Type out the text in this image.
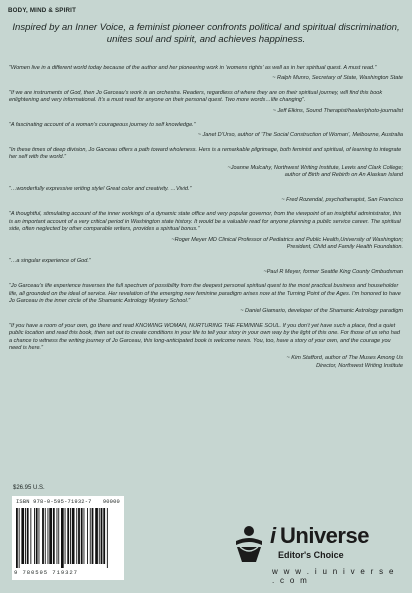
BODY, MIND & SPIRIT
Inspired by an Inner Voice, a feminist pioneer confronts political and spiritual discrimination, unites soul and spirit, and achieves happiness.

“Women live in a different world today because of the author and her pioneering work in ‘womens rights’ as well as in her spiritual quest. A must read.”

~ Ralph Munro, Secretary of State, Washington State

“If we are instruments of God, then Jo Garceau’s work is an orchestra. Readers, regardless of where they are on their spiritual journey, will find this book enlightening and very informational. It’s a must read for anyone on their personal quest. Two more words…life changing”.

~ Jeff Elkins, Sound Therapist/healer/photo-journalist

“A fascinating account of a woman’s courageous journey to self knowledge.”

~ Janet D’Urso, author of ‘The Social Construction of Woman’, Melbourne, Australia

“In these times of deep division, Jo Garceau offers a path toward wholeness. Hers is a remarkable pilgrimage, both feminist and spiritual, of learning to integrate her self with the world.”

~Joanne Mulcahy, Northwest Writing Institute, Lewis and Clark College;

author of Birth and Rebirth on An Alaskan Island

“…wonderfully expressive writing style! Great color and creativity. …Vivid.”

~ Fred Rozendal, psychotherapist, San Francisco

“A thoughtful, stimulating account of the inner workings of a dynamic state office and very popular governor, from the viewpoint of an insightful administrator, this is an important account of a very critical period in Washington state history. It would be a valuable read for anyone planning a public service career. The spiritual side, often neglected by other comparable writers, provides a spiritual bonus.”

~Roger Meyer MD Clinical Professor of Pediatrics and Public Health,University of Washington;

President, Child and Family Health Foundation.

“…a singular experience of God.”

~Paul R Meyer, former Seattle King County Ombudsman

“Jo Garceau’s life experience traverses the full spectrum of possibility from the deepest personal spiritual quest to the most practical business and householder life, all grounded on the ideal of service. Her revelation of the emerging new feminine paradigm arises now at the Turning Point of the Ages. I’m honored to have Jo Garceau in the inner circle of the Shamanic Astrology Mystery School.”

~ Daniel Giamario, developer of the Shamanic Astrology paradigm

“If you have a room of your own, go there and read KNOWING WOMAN, NURTURING THE FEMININE SOUL. If you don’t yet have such a place, find a quiet public location and read this book, then set out to create conditions in your life to tell your story in your own way by the light of this one. For those of us who had a chance to witness the writing journey of Jo Garceau, this long-anticipated book is welcome news. You, too, have a story of your own, and the courage you need is here.”

~ Kim Stafford, author of The Muses Among Us

Director, Northwest Writing Institute

$26.95 U.S.
ISBN 978-0-595-71932-7 90000
9 780595 719327
i Universe
Editor's Choice
w w w . i u n i v e r s e . c o m
